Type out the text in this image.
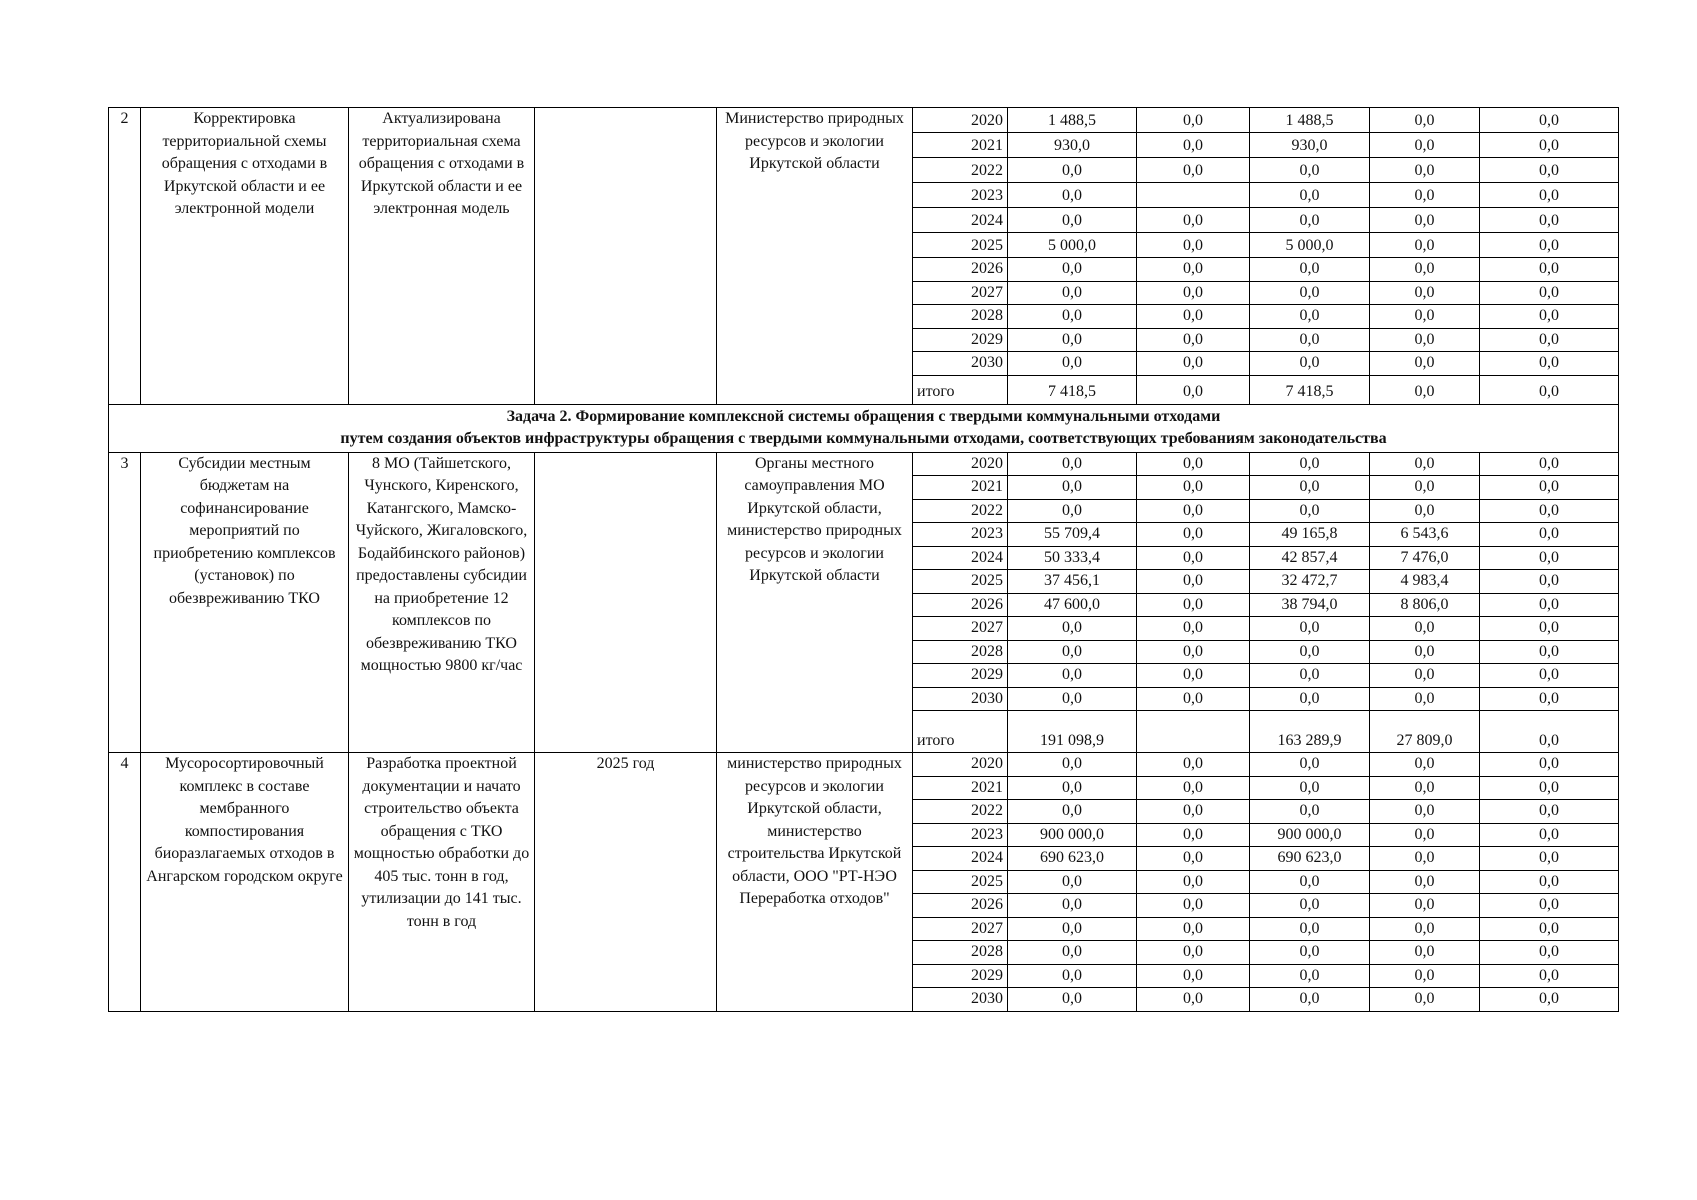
2	Корректировка территориальной схемы обращения с отходами в Иркутской области и ее электронной модели	Актуализирована территориальная схема обращения с отходами в Иркутской области и ее электронная модель		Министерство природных ресурсов и экологии Иркутской области	2020	1 488,5	0,0	1 488,5	0,0	0,0
					2021	930,0	0,0	930,0	0,0	0,0
					2022	0,0	0,0	0,0	0,0	0,0
					2023	0,0		0,0	0,0	0,0
					2024	0,0	0,0	0,0	0,0	0,0
					2025	5 000,0	0,0	5 000,0	0,0	0,0
					2026	0,0	0,0	0,0	0,0	0,0
					2027	0,0	0,0	0,0	0,0	0,0
					2028	0,0	0,0	0,0	0,0	0,0
					2029	0,0	0,0	0,0	0,0	0,0
					2030	0,0	0,0	0,0	0,0	0,0
					итого	7 418,5	0,0	7 418,5	0,0	0,0

Задача 2. Формирование комплексной системы обращения с твердыми коммунальными отходами
путем создания объектов инфраструктуры обращения с твердыми коммунальными отходами, соответствующих требованиям законодательства										

3	Субсидии местным бюджетам на софинансирование мероприятий по приобретению комплексов (установок) по обезвреживанию ТКО	8 МО (Тайшетского, Чунского, Киренского, Катангского, Мамско-Чуйского, Жигаловского, Бодайбинского районов) предоставлены субсидии на приобретение 12 комплексов по обезвреживанию ТКО мощностью 9800 кг/час		Органы местного самоуправления МО Иркутской области, министерство природных ресурсов и экологии Иркутской области	2020	0,0	0,0	0,0	0,0	0,0
					2021	0,0	0,0	0,0	0,0	0,0
					2022	0,0	0,0	0,0	0,0	0,0
					2023	55 709,4	0,0	49 165,8	6 543,6	0,0
					2024	50 333,4	0,0	42 857,4	7 476,0	0,0
					2025	37 456,1	0,0	32 472,7	4 983,4	0,0
					2026	47 600,0	0,0	38 794,0	8 806,0	0,0
					2027	0,0	0,0	0,0	0,0	0,0
					2028	0,0	0,0	0,0	0,0	0,0
					2029	0,0	0,0	0,0	0,0	0,0
					2030	0,0	0,0	0,0	0,0	0,0
					итого	191 098,9		163 289,9	27 809,0	0,0
4	Мусоросортировочный комплекс в составе мембранного компостирования биоразлагаемых отходов в Ангарском городском округе	Разработка проектной документации и начато строительство объекта обращения с ТКО мощностью обработки до 405 тыс. тонн в год, утилизации до 141 тыс. тонн в год	2025 год	министерство природных ресурсов и экологии Иркутской области, министерство строительства Иркутской области, ООО "РТ-НЭО Переработка отходов"	2020	0,0	0,0	0,0	0,0	0,0
					2021	0,0	0,0	0,0	0,0	0,0
					2022	0,0	0,0	0,0	0,0	0,0
					2023	900 000,0	0,0	900 000,0	0,0	0,0
					2024	690 623,0	0,0	690 623,0	0,0	0,0
					2025	0,0	0,0	0,0	0,0	0,0
					2026	0,0	0,0	0,0	0,0	0,0
					2027	0,0	0,0	0,0	0,0	0,0
					2028	0,0	0,0	0,0	0,0	0,0
					2029	0,0	0,0	0,0	0,0	0,0
					2030	0,0	0,0	0,0	0,0	0,0
